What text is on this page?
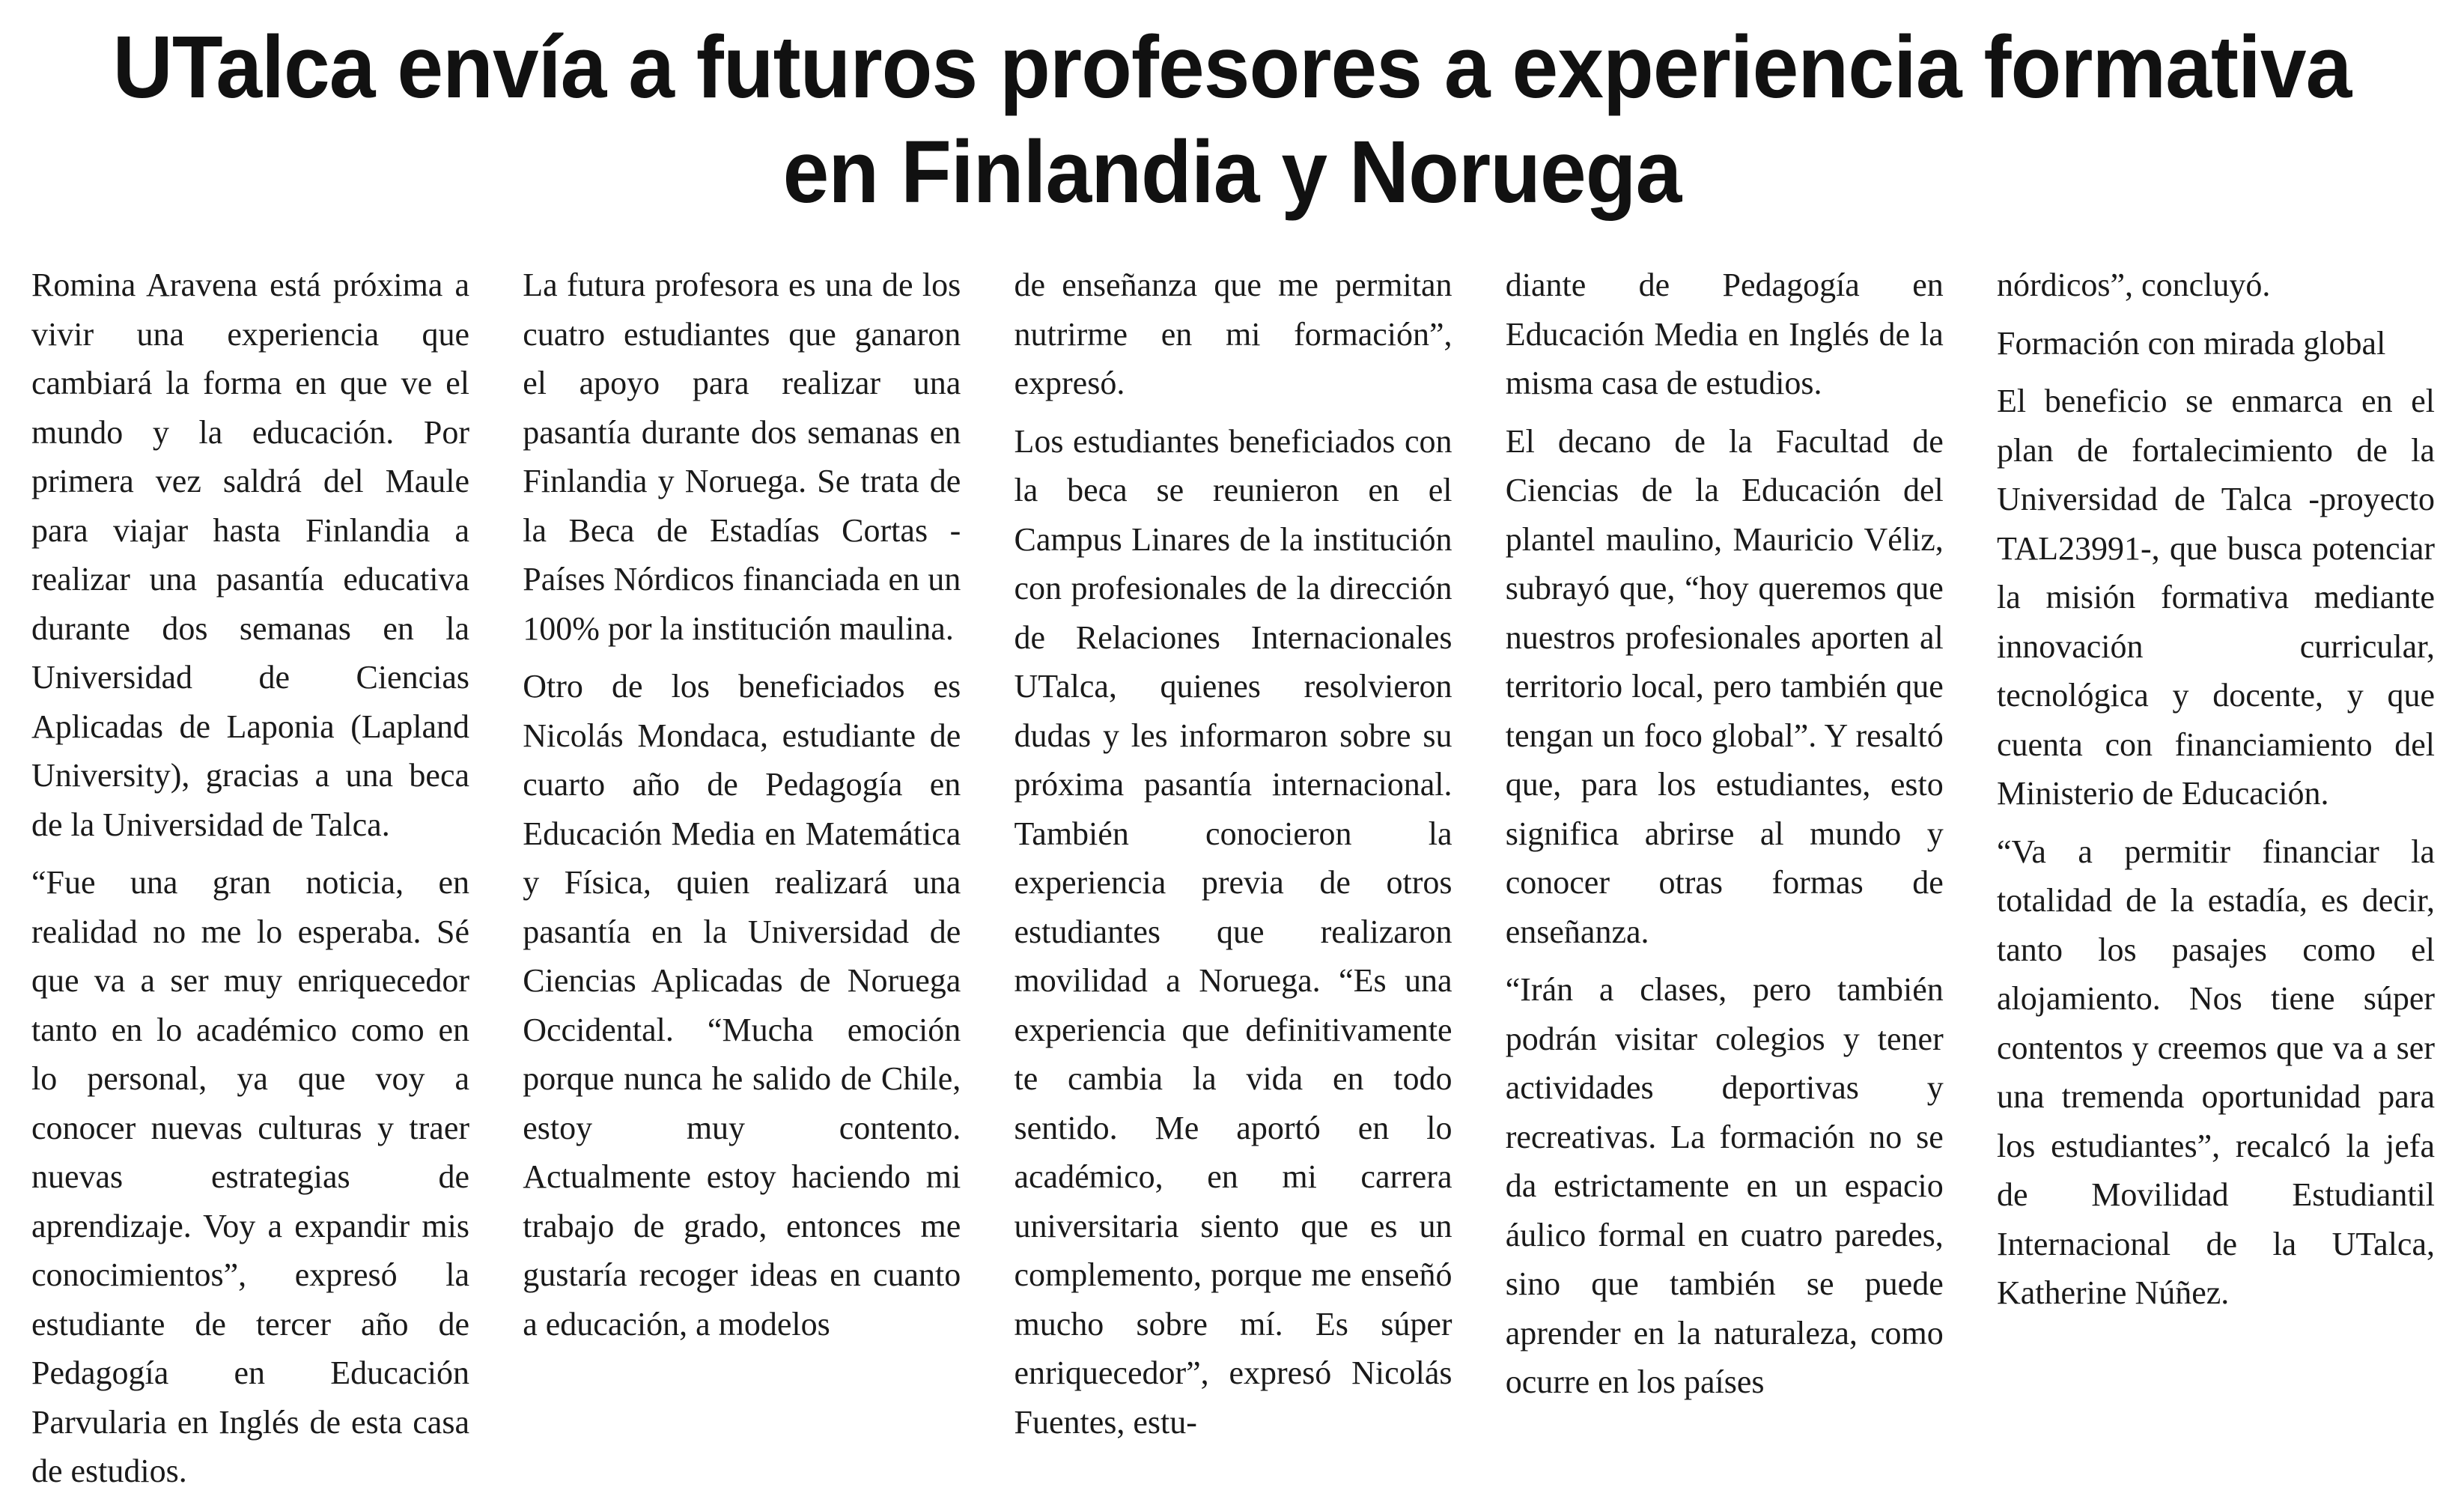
UTalca envía a futuros profesores a experiencia formativa
en Finlandia y Noruega

Romina Aravena está próxima a vivir una experiencia que cambiará la forma en que ve el mundo y la educación. Por primera vez saldrá del Maule para viajar hasta Finlandia a realizar una pasantía educativa durante dos semanas en la Universidad de Ciencias Aplicadas de Laponia (Lapland University), gracias a una beca de la Universidad de Talca.

“Fue una gran noticia, en realidad no me lo esperaba. Sé que va a ser muy enriquecedor tanto en lo académico como en lo personal, ya que voy a conocer nuevas culturas y traer nuevas estrategias de aprendizaje. Voy a expandir mis conocimientos”, expresó la estudiante de tercer año de Pedagogía en Educación Parvularia en Inglés de esta casa de estudios.

La futura profesora es una de los cuatro estudiantes que ganaron el apoyo para realizar una pasantía durante dos semanas en Finlandia y Noruega. Se trata de la Beca de Estadías Cortas - Países Nórdicos financiada en un 100% por la institución maulina.

Otro de los beneficiados es Nicolás Mondaca, estudiante de cuarto año de Pedagogía en Educación Media en Matemática y Física, quien realizará una pasantía en la Universidad de Ciencias Aplicadas de Noruega Occidental. “Mucha emoción porque nunca he salido de Chile, estoy muy contento. Actualmente estoy haciendo mi trabajo de grado, entonces me gustaría recoger ideas en cuanto a educación, a modelos

de enseñanza que me permitan nutrirme en mi formación”, expresó.

Los estudiantes beneficiados con la beca se reunieron en el Campus Linares de la institución con profesionales de la dirección de Relaciones Internacionales UTalca, quienes resolvieron dudas y les informaron sobre su próxima pasantía internacional. También conocieron la experiencia previa de otros estudiantes que realizaron movilidad a Noruega. “Es una experiencia que definitivamente te cambia la vida en todo sentido. Me aportó en lo académico, en mi carrera universitaria siento que es un complemento, porque me enseñó mucho sobre mí. Es súper enriquecedor”, expresó Nicolás Fuentes, estu-

diante de Pedagogía en Educación Media en Inglés de la misma casa de estudios.

El decano de la Facultad de Ciencias de la Educación del plantel maulino, Mauricio Véliz, subrayó que, “hoy queremos que nuestros profesionales aporten al territorio local, pero también que tengan un foco global”. Y resaltó que, para los estudiantes, esto significa abrirse al mundo y conocer otras formas de enseñanza.

“Irán a clases, pero también podrán visitar colegios y tener actividades deportivas y recreativas. La formación no se da estrictamente en un espacio áulico formal en cuatro paredes, sino que también se puede aprender en la naturaleza, como ocurre en los países

nórdicos”, concluyó.

Formación con mirada global

El beneficio se enmarca en el plan de fortalecimiento de la Universidad de Talca -proyecto TAL23991-, que busca potenciar la misión formativa mediante innovación curricular, tecnológica y docente, y que cuenta con financiamiento del Ministerio de Educación.

“Va a permitir financiar la totalidad de la estadía, es decir, tanto los pasajes como el alojamiento. Nos tiene súper contentos y creemos que va a ser una tremenda oportunidad para los estudiantes”, recalcó la jefa de Movilidad Estudiantil Internacional de la UTalca, Katherine Núñez.
